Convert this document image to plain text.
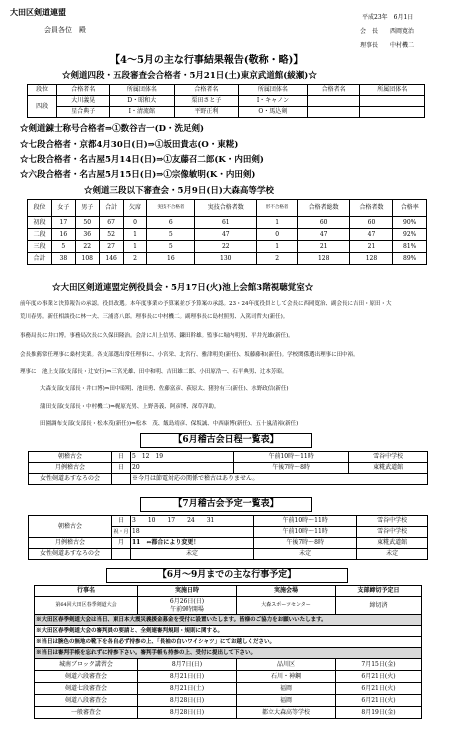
大田区剣道連盟
会員各位　殿
平成23年　6月1日
会　長　　西岡寛治
理事長　　中村機二
【4～5月の主な行事結果報告(敬称・略)】
☆剣道四段・五段審査会合格者・5月21日(土)東京武道館(綾瀬)☆
段位	合格者名	所属団体名	合格者名	所属団体名	合格者名	所属団体名
四段	大川義晃	D・昭和大	栗田さと子	I・キャノン		
	星合典子	I・清流館	平野正利	O・馬込剣		
☆剣道錬士称号合格者⇒①数谷吉一(D・洗足剣)
☆七段合格者・京都4月30日(日)⇒①坂田貴志(O・東糀)
☆七段合格者・名古屋5月14日(日)⇒①友藤召二郎(K・内田剣)
☆六段合格者・名古屋5月15日(日)⇒①宗像敏明(K・内田剣)
☆剣道三段以下審査会・5月9日(日)大森高等学校
段位	女子	男子	合計	欠席	実技不合格者	実技合格者数	形不合格者	合格者総数	合格者数	合格率
初段	17	50	67	0	6	61	1	60	60	90%
二段	16	36	52	1	5	47	0	47	47	92%
三段	5	22	27	1	5	22	1	21	21	81%
合計	38	108	146	2	16	130	2	128	128	89%
☆大田区剣道連盟定例役員会・5月17日(火)池上会館3階視聴覚室☆
前年度の事業と決算報告の承認。役員改選。本年度事業の予算案並び予算案の承認。23・24年度役員として会長に西岡寛治、副会長に吉田・原田・大
荒川春男。新任相談役に林一夫、三浦喜八郎。理事長に中村機二。副理事長に島村照男、入篤司哲夫(新任)。
事務局長に井口博。事務局次長に久保田隆治。会計に川上信男、鎌田幹雄。監事に堀内明男、平井光雄(新任)。
会長推薦常任理事に桑村実業。各支部選出常任理事に、小宮栄、北宮行、雅津明美(新任)、坂藤藤和(新任)。学校関係選出理事に田中裕。
理事に　池上支部(支部長・辻安行)⇒三宮光雄、田中和明、吉田雄二郎、小田原浩一、石平典男、辻本芳昭。
大森支部(支部長・井口博)⇒田中昭明、池田勇、佐藤富彦、荻原太、猪狩有三(新任)、水野政信(新任)
蒲田支部(支部長・中村機二)⇒梶原光男、上野善義、阿彦博、深草洋助。
田園調布支部(支部長・松本茂(新任))⇒松本　茂、飯島靖彦、保坂誠、中西康博(新任)、五十嵐清裕(新任)
【6月稽古会日程一覧表】
朝稽古会	日	5　12　19	午前10時～11時	雪谷中学校
月例稽古会	日	20	午後7時～8時	東糀武道館
女性剣道あすなろの会		※今月は節電対応の関係で稽古はありません。		
【7月稽古会予定一覧表】
朝稽古会	日	3　　10　　17　　24　　31	午前10時～11時	雪谷中学校
	祝・月	18	午前10時～11時	雪谷中学校
月例稽古会	月	11　⇔都合により変更！	午後7時～8時	東糀武道館
女性剣道あすなろの会		未定	未定	未定
【6月～9月までの主な行事予定】
行事名	実施日時	実施会場	支部締切予定日
第64回大田区春季剣道大会	6月26日(日)
午前9時開場	大森スポーツセンター	締切済
※大田区春季剣道大会は当日、東日本大震災義援金募金を受付に設置いたします。皆様のご協力をお願いいたします。			
※大田区春季剣道大会の審判員の要請と、全剣連審判規則・規則に関する。			
※当日は腕色の無地の靴下を各自必ず持参の上、「長袖の白いワイシャツ」にてお越しください。			
※当日は審判手帳を忘れずに持参下さい。審判手帳も持参の上、受付に提出して下さい。			
城南ブロック講習会	8月7日(日)	品川区	7月15日(金)
剣道六段審査会	8月21日(日)	石川・神鋼	6月21日(火)
剣道七段審査会	8月21日(土)	福岡	6月21日(火)
剣道八段審査会	8月28日(日)	福岡	6月21日(火)
一般審査会	8月28日(日)	都立大森高等学校	8月19日(金)
